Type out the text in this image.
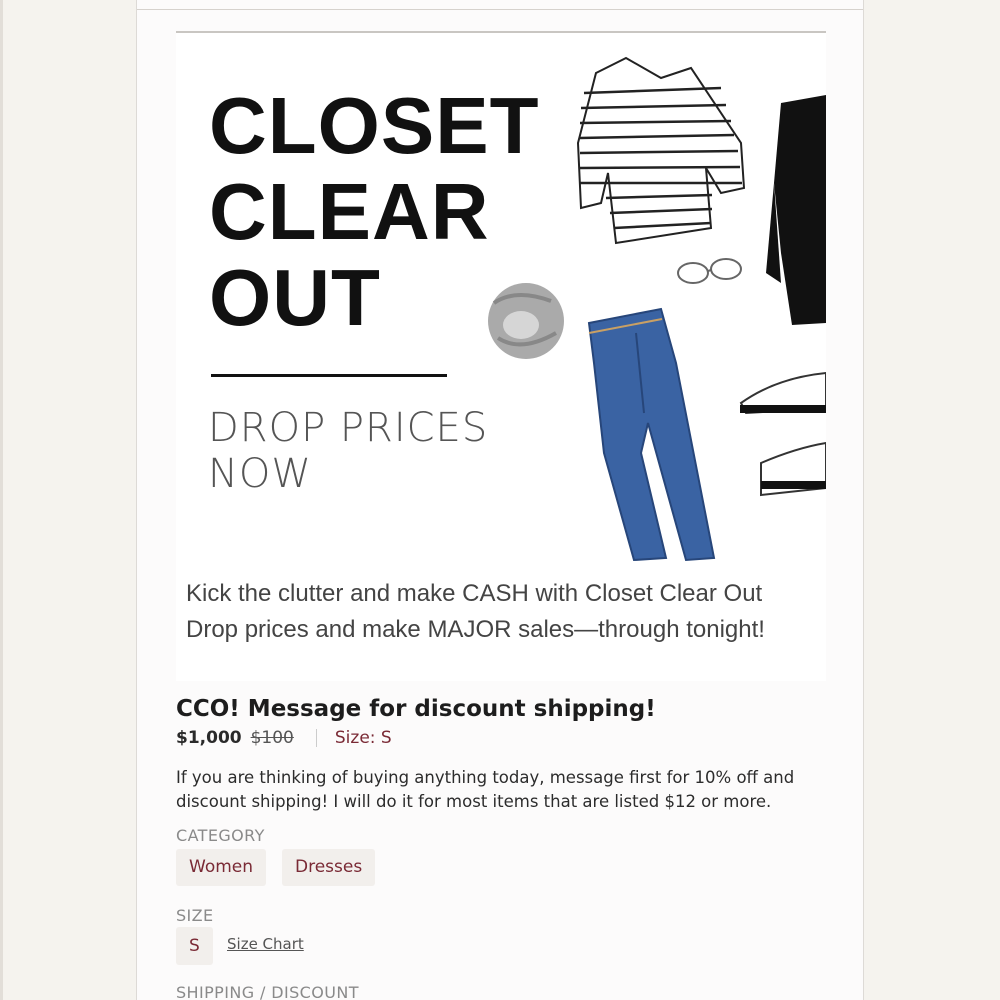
CLOSET
CLEAR
OUT
DROP PRICES
NOW
Kick the clutter and make CASH with Closet Clear Out
Drop prices and make MAJOR sales—through tonight!
CCO! Message for discount shipping!
$1,000 $100 Size: S
If you are thinking of buying anything today, message first for 10% off and discount shipping! I will do it for most items that are listed $12 or more.
CATEGORY
Women	Dresses
SIZE
S	Size Chart
SHIPPING / DISCOUNT
